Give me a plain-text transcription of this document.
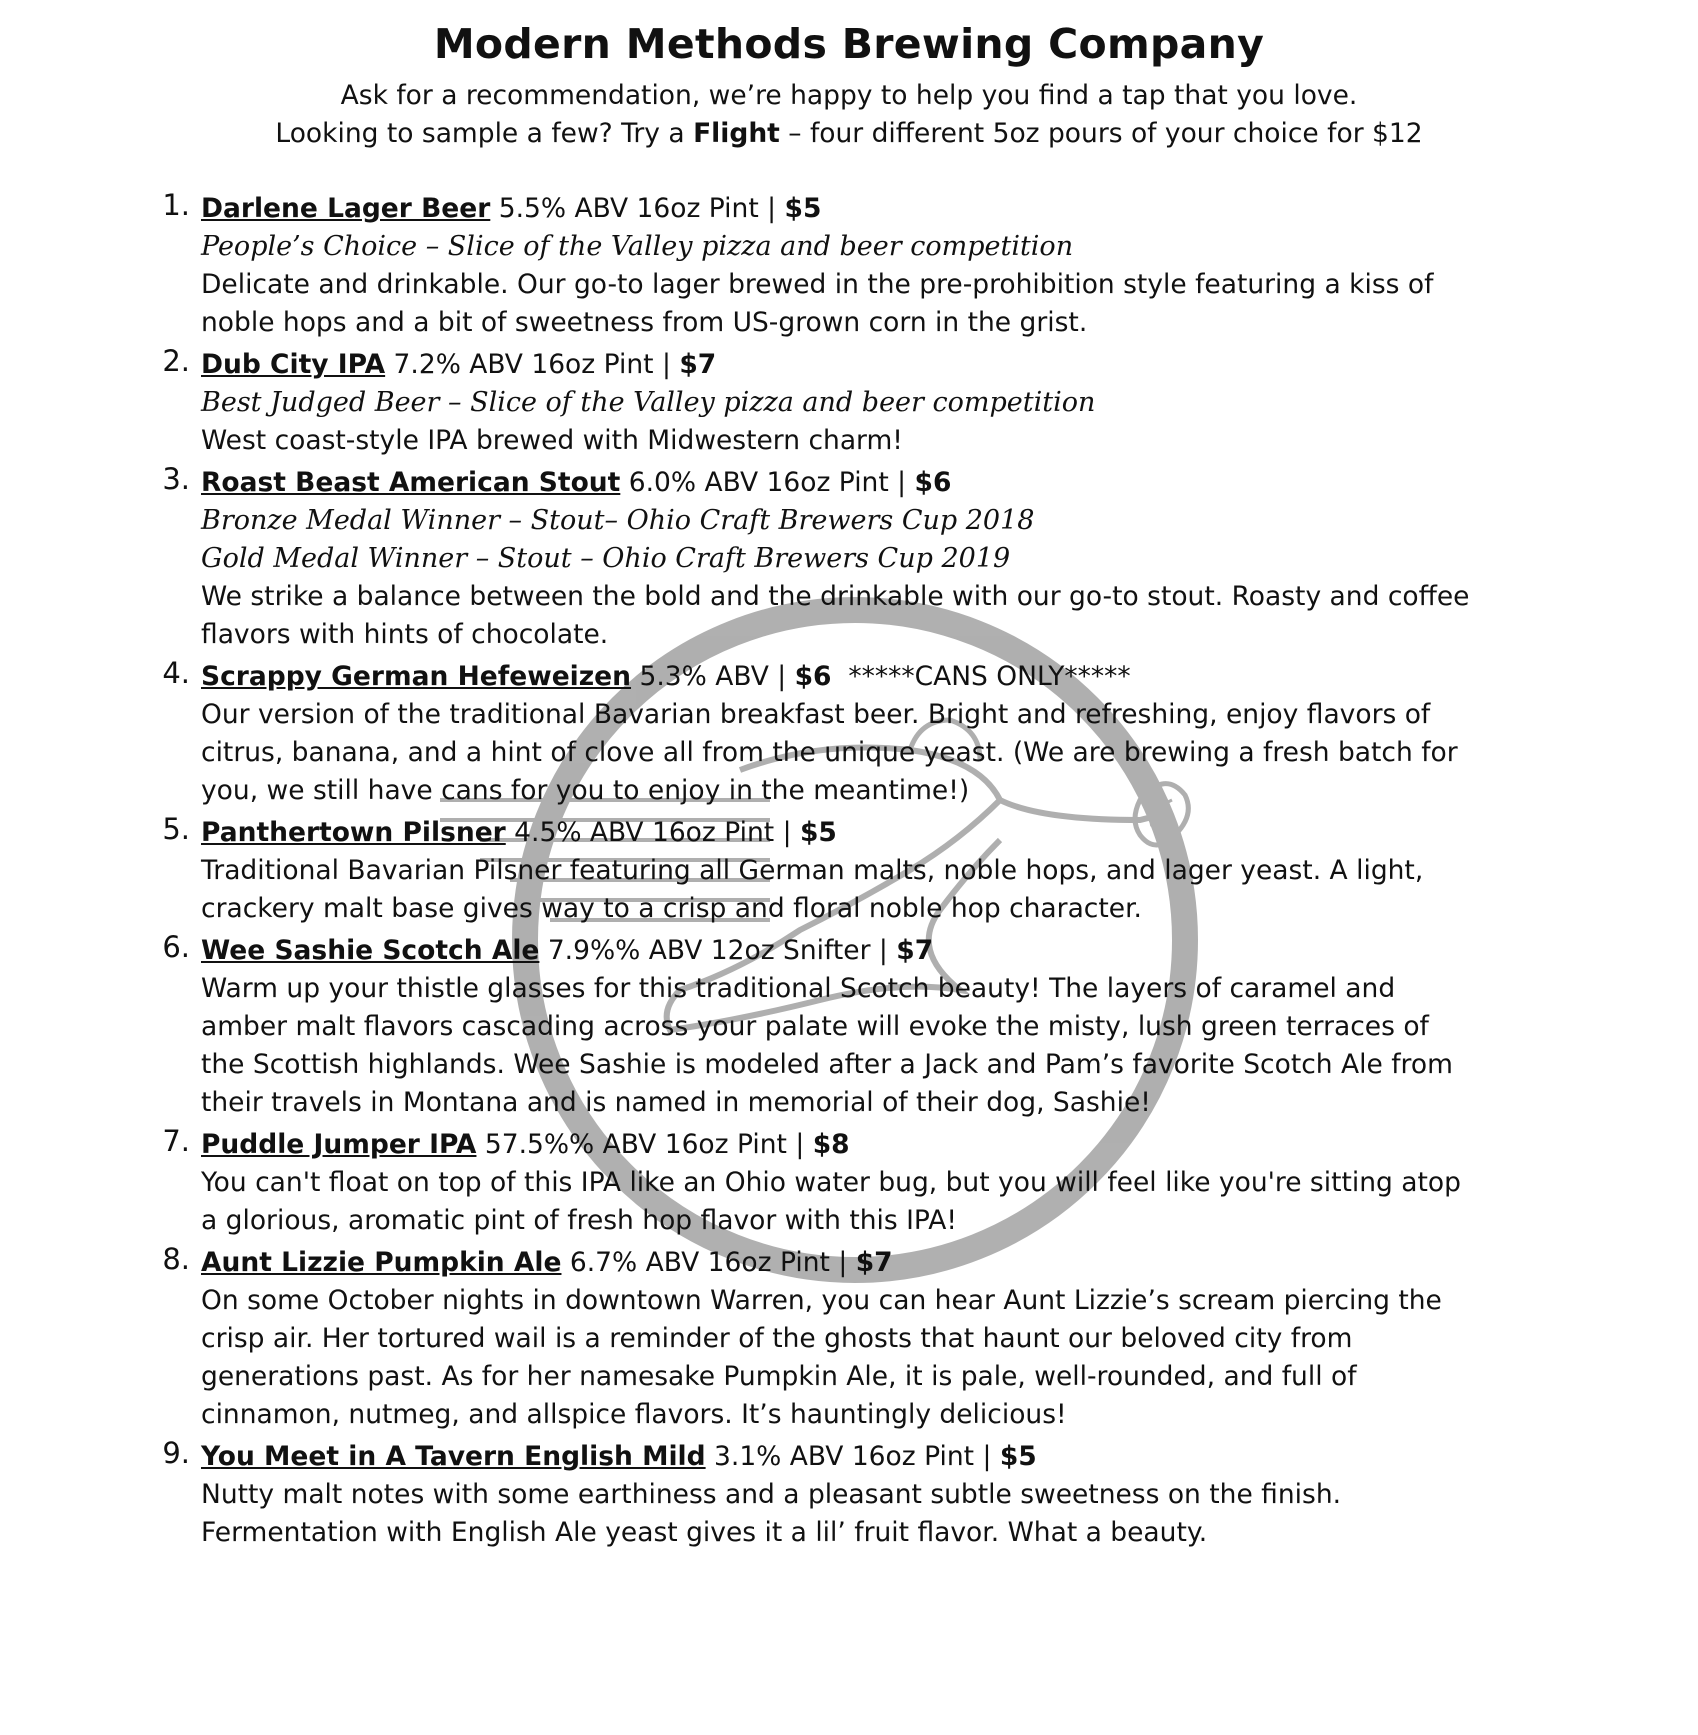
Modern Methods Brewing Company
Ask for a recommendation, we’re happy to help you find a tap that you love.
Looking to sample a few? Try a Flight – four different 5oz pours of your choice for $12
1. Darlene Lager Beer 5.5% ABV 16oz Pint | $5
People’s Choice – Slice of the Valley pizza and beer competition
Delicate and drinkable. Our go-to lager brewed in the pre-prohibition style featuring a kiss of
noble hops and a bit of sweetness from US-grown corn in the grist.
2. Dub City IPA 7.2% ABV 16oz Pint | $7
Best Judged Beer – Slice of the Valley pizza and beer competition
West coast-style IPA brewed with Midwestern charm!
3. Roast Beast American Stout 6.0% ABV 16oz Pint | $6
Bronze Medal Winner – Stout– Ohio Craft Brewers Cup 2018
Gold Medal Winner – Stout – Ohio Craft Brewers Cup 2019
We strike a balance between the bold and the drinkable with our go-to stout. Roasty and coffee
flavors with hints of chocolate.
4. Scrappy German Hefeweizen 5.3% ABV | $6  *****CANS ONLY*****
Our version of the traditional Bavarian breakfast beer. Bright and refreshing, enjoy flavors of
citrus, banana, and a hint of clove all from the unique yeast. (We are brewing a fresh batch for
you, we still have cans for you to enjoy in the meantime!)
5. Panthertown Pilsner 4.5% ABV 16oz Pint | $5
Traditional Bavarian Pilsner featuring all German malts, noble hops, and lager yeast. A light,
crackery malt base gives way to a crisp and floral noble hop character.
6. Wee Sashie Scotch Ale 7.9%% ABV 12oz Snifter | $7
Warm up your thistle glasses for this traditional Scotch beauty! The layers of caramel and
amber malt flavors cascading across your palate will evoke the misty, lush green terraces of
the Scottish highlands. Wee Sashie is modeled after a Jack and Pam’s favorite Scotch Ale from
their travels in Montana and is named in memorial of their dog, Sashie!
7. Puddle Jumper IPA 57.5%% ABV 16oz Pint | $8
You can't float on top of this IPA like an Ohio water bug, but you will feel like you're sitting atop
a glorious, aromatic pint of fresh hop flavor with this IPA!
8. Aunt Lizzie Pumpkin Ale 6.7% ABV 16oz Pint | $7
On some October nights in downtown Warren, you can hear Aunt Lizzie’s scream piercing the
crisp air. Her tortured wail is a reminder of the ghosts that haunt our beloved city from
generations past. As for her namesake Pumpkin Ale, it is pale, well-rounded, and full of
cinnamon, nutmeg, and allspice flavors. It’s hauntingly delicious!
9. You Meet in A Tavern English Mild 3.1% ABV 16oz Pint | $5
Nutty malt notes with some earthiness and a pleasant subtle sweetness on the finish.
Fermentation with English Ale yeast gives it a lil’ fruit flavor. What a beauty.
